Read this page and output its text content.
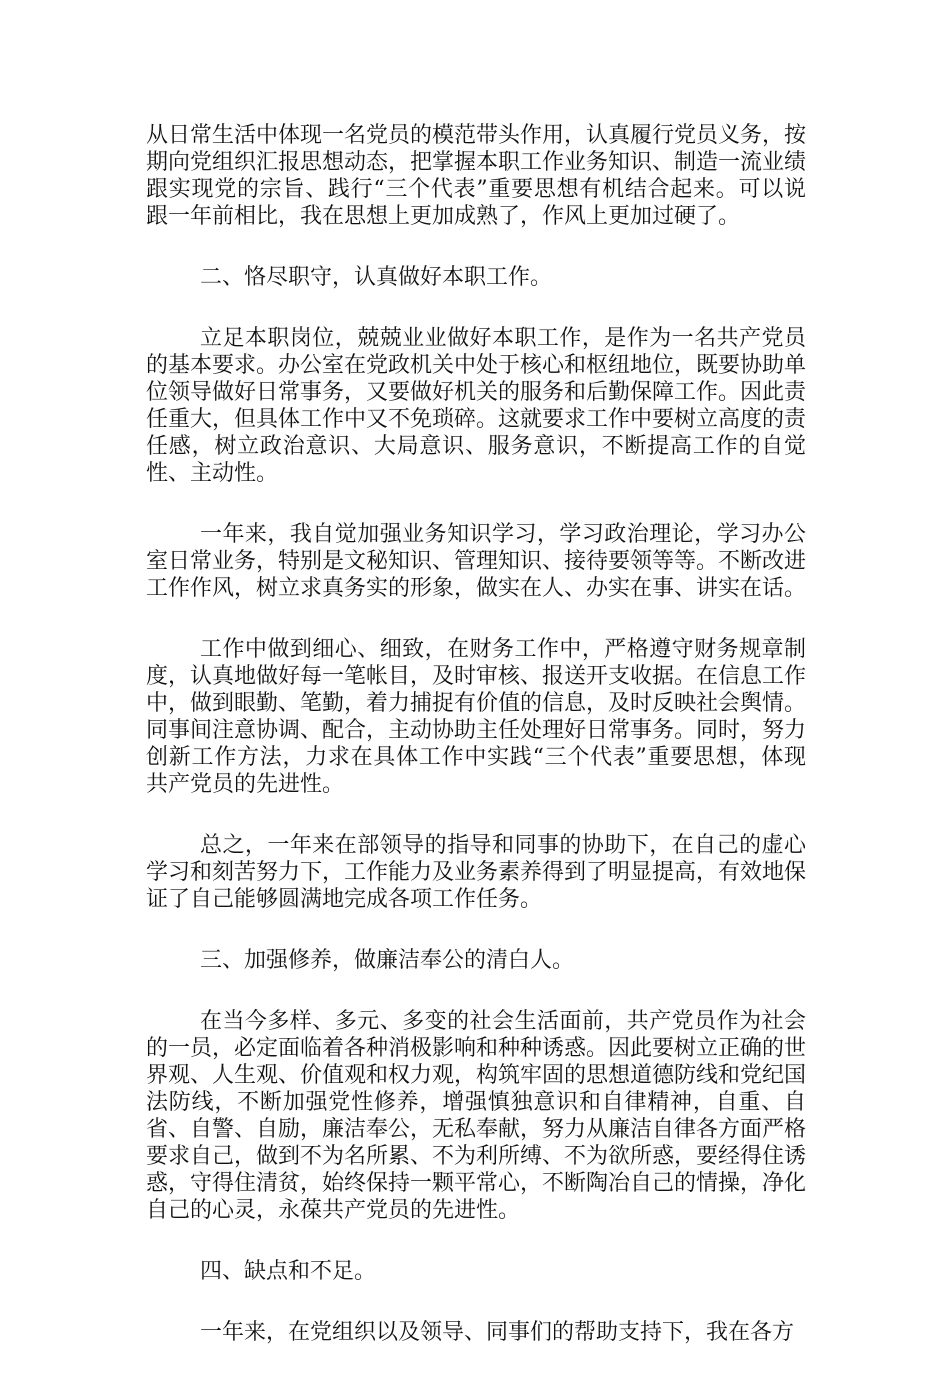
从日常生活中体现一名党员的模范带头作用，认真履行党员义务，按期向党组织汇报思想动态，把掌握本职工作业务知识、制造一流业绩跟实现党的宗旨、践行“三个代表”重要思想有机结合起来。可以说跟一年前相比，我在思想上更加成熟了，作风上更加过硬了。

二、恪尽职守，认真做好本职工作。

立足本职岗位，兢兢业业做好本职工作，是作为一名共产党员的基本要求。办公室在党政机关中处于核心和枢纽地位，既要协助单位领导做好日常事务，又要做好机关的服务和后勤保障工作。因此责任重大，但具体工作中又不免琐碎。这就要求工作中要树立高度的责任感，树立政治意识、大局意识、服务意识，不断提高工作的自觉性、主动性。

一年来，我自觉加强业务知识学习，学习政治理论，学习办公室日常业务，特别是文秘知识、管理知识、接待要领等等。不断改进工作作风，树立求真务实的形象，做实在人、办实在事、讲实在话。

工作中做到细心、细致，在财务工作中，严格遵守财务规章制度，认真地做好每一笔帐目，及时审核、报送开支收据。在信息工作中，做到眼勤、笔勤，着力捕捉有价值的信息，及时反映社会舆情。同事间注意协调、配合，主动协助主任处理好日常事务。同时，努力创新工作方法，力求在具体工作中实践“三个代表”重要思想，体现共产党员的先进性。

总之，一年来在部领导的指导和同事的协助下，在自己的虚心学习和刻苦努力下，工作能力及业务素养得到了明显提高，有效地保证了自己能够圆满地完成各项工作任务。

三、加强修养，做廉洁奉公的清白人。

在当今多样、多元、多变的社会生活面前，共产党员作为社会的一员，必定面临着各种消极影响和种种诱惑。因此要树立正确的世界观、人生观、价值观和权力观，构筑牢固的思想道德防线和党纪国法防线，不断加强党性修养，增强慎独意识和自律精神，自重、自省、自警、自励，廉洁奉公，无私奉献，努力从廉洁自律各方面严格要求自己，做到不为名所累、不为利所缚、不为欲所惑，要经得住诱惑，守得住清贫，始终保持一颗平常心，不断陶冶自己的情操，净化自己的心灵，永葆共产党员的先进性。

四、缺点和不足。

一年来，在党组织以及领导、同事们的帮助支持下，我在各方
